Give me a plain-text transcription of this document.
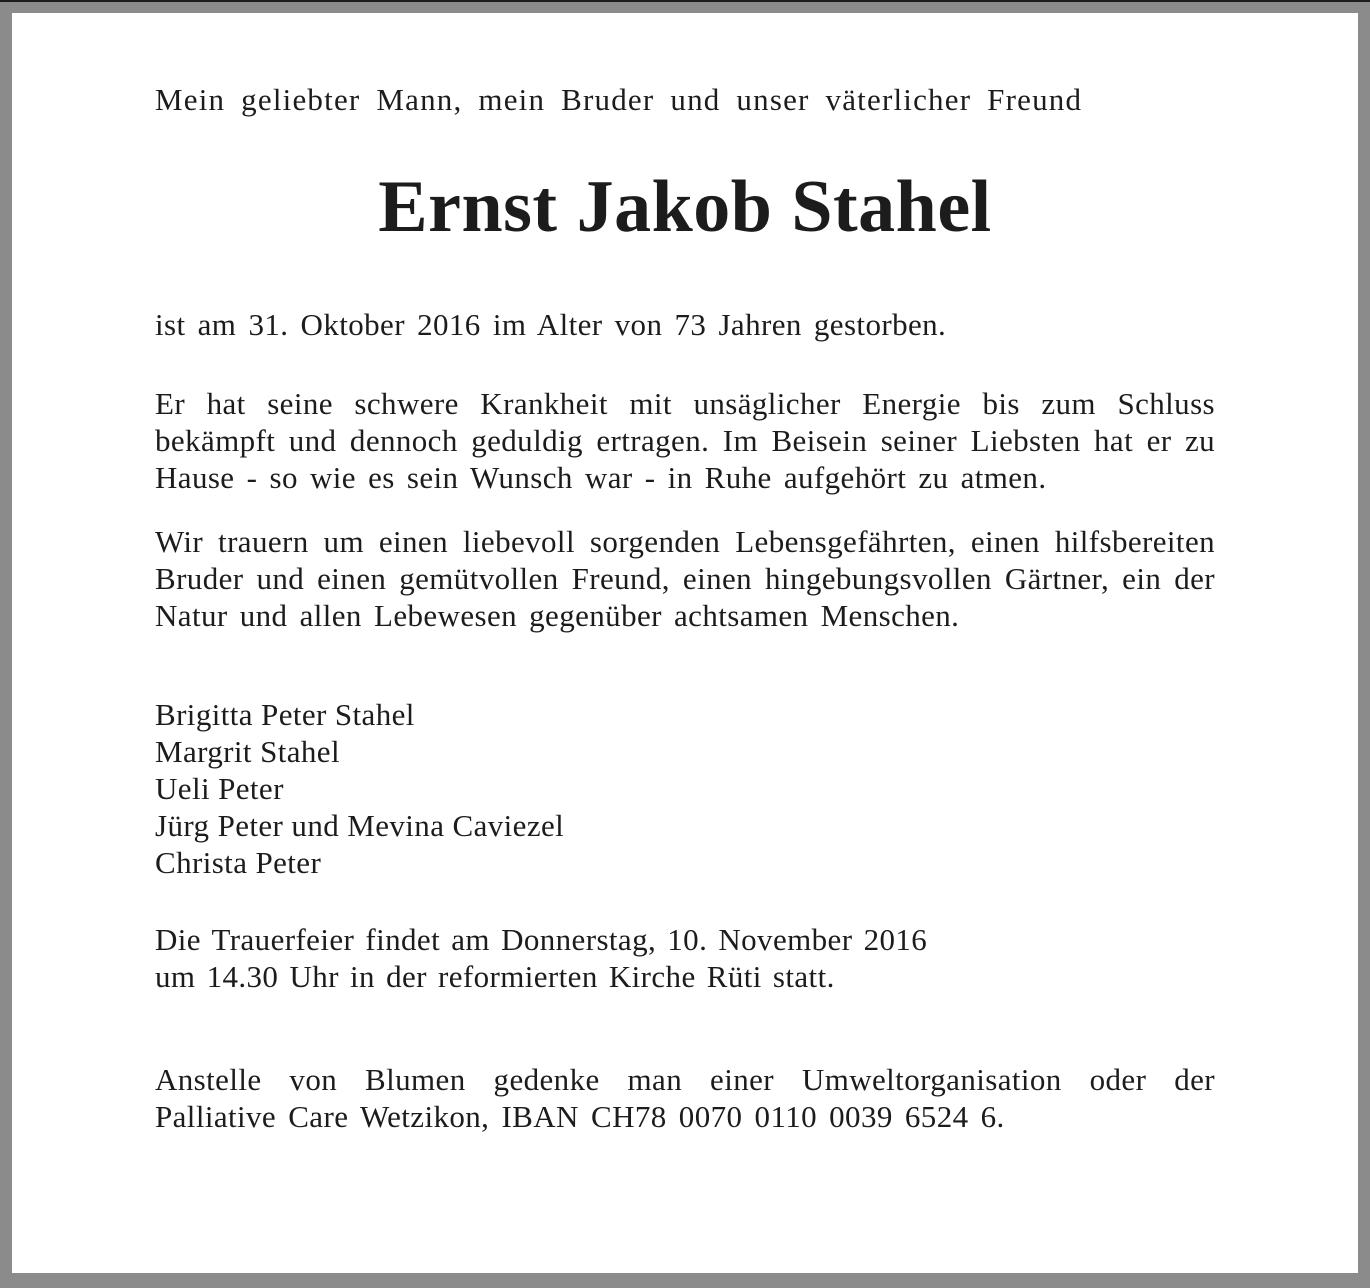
Mein geliebter Mann, mein Bruder und unser väterlicher Freund
Ernst Jakob Stahel
ist am 31. Oktober 2016 im Alter von 73 Jahren gestorben.
Er hat seine schwere Krankheit mit unsäglicher Energie bis zum Schluss bekämpft und dennoch geduldig ertragen. Im Beisein seiner Liebsten hat er zu Hause - so wie es sein Wunsch war - in Ruhe aufgehört zu atmen.
Wir trauern um einen liebevoll sorgenden Lebensgefährten, einen hilfsbereiten Bruder und einen gemütvollen Freund, einen hingebungsvollen Gärtner, ein der Natur und allen Lebewesen gegenüber achtsamen Menschen.
Brigitta Peter Stahel
Margrit Stahel
Ueli Peter
Jürg Peter und Mevina Caviezel
Christa Peter
Die Trauerfeier findet am Donnerstag, 10. November 2016
um 14.30 Uhr in der reformierten Kirche Rüti statt.
Anstelle von Blumen gedenke man einer Umweltorganisation oder der Palliative Care Wetzikon, IBAN CH78 0070 0110 0039 6524 6.
